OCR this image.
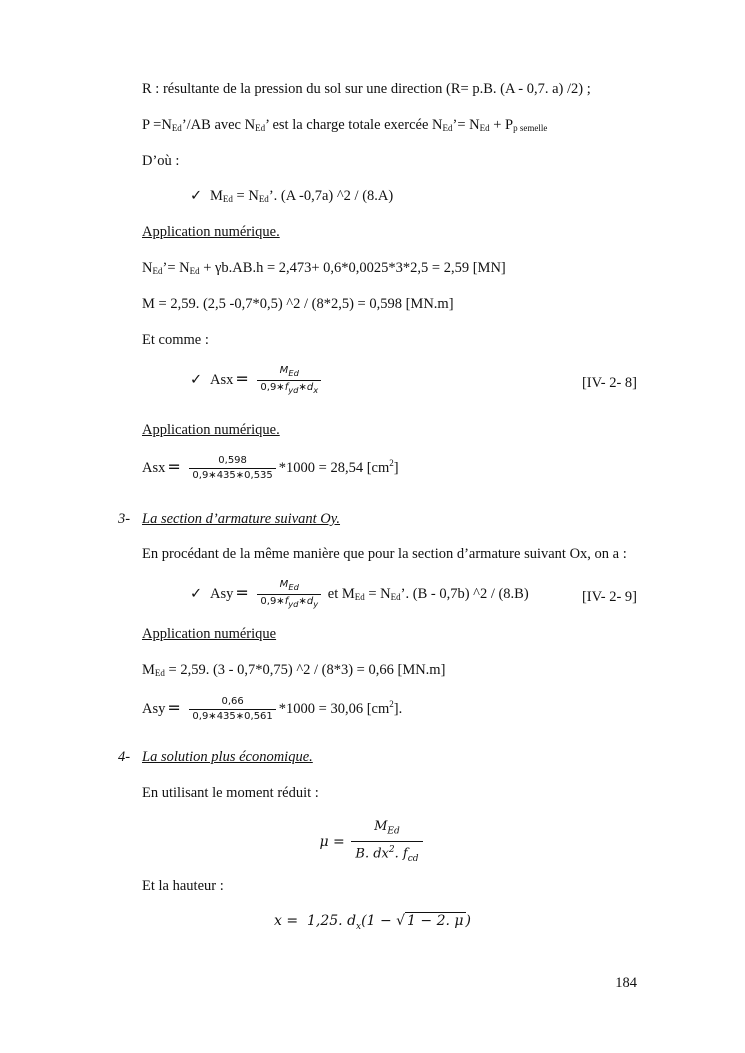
R : résultante de la pression du sol sur une direction (R= p.B. (A - 0,7. a) /2) ;
$P =N_{Ed}’/AB$ avec $N_{Ed}$’ est la charge totale exercée $N_{Ed}’= N_{Ed} + P_{p semelle}$
D’où :
✓ $M_{Ed} = N_{Ed}$’. (A -0,7a) ^2 / (8.A)
Application numérique.
$N_{Ed}’= N_{Ed} + \gamma b.AB.h = 2,473+ 0,6*0,0025*3*2,5 = 2,59$ [MN]
M = 2,59. (2,5 -0,7*0,5) ^2 / (8*2,5) = 0,598 [MN.m]
Et comme :
✓ Asx = $\frac{M_{Ed}}{0,9∗f_{yd}∗d_x}$	[IV- 2- 8]
Application numérique.
Asx = $\frac{0,598}{0,9∗435∗0,535} *1000 = 28,54$ $[cm^2]$
3- La section d’armature suivant Oy.
En procédant de la même manière que pour la section d’armature suivant Ox, on a :
✓ Asy = $\frac{M_{Ed}}{0,9∗f_{yd}∗d_y}$ et $M_{Ed} = N_{Ed}$’. (B - 0,7b) ^2 / (8.B)	[IV- 2- 9]
Application numérique
$M_{Ed} = 2,59$. (3 - 0,7*0,75) ^2 / (8*3) = 0,66 [MN.m]
Asy = $\frac{0,66}{0,9∗435∗0,561} *1000 = 30,06$ $[cm^2]$.
4- La solution plus économique.
En utilisant le moment réduit :
μ =
$M_{Ed}$
B. $dx^2$. $f_{cd}$
Et la hauteur :
x =  1,25. $d_x(1$ − √ 1 − 2. μ )
184
